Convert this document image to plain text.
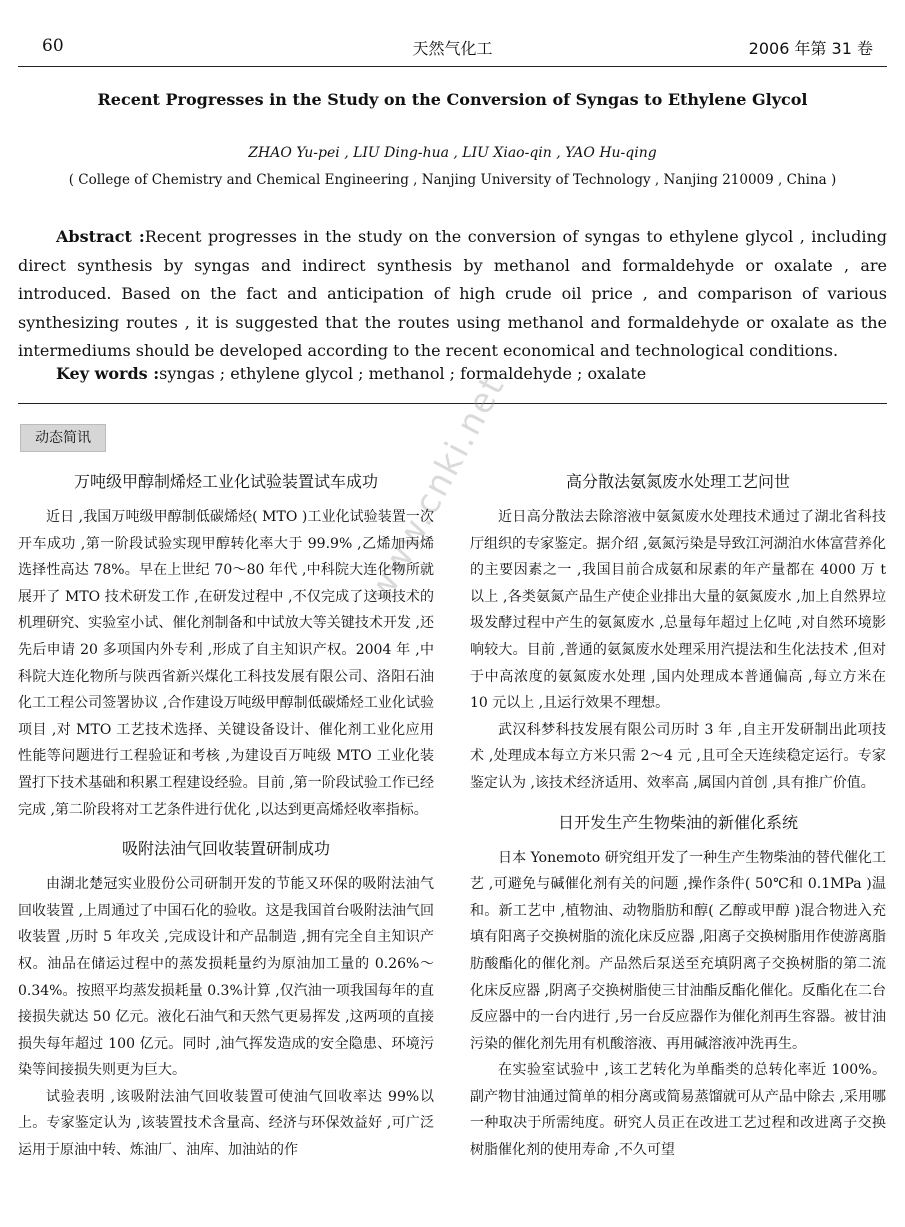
60	天然气化工	2006 年第 31 卷
Recent Progresses in the Study on the Conversion of Syngas to Ethylene Glycol
ZHAO Yu-pei , LIU Ding-hua , LIU Xiao-qin , YAO Hu-qing
( College of Chemistry and Chemical Engineering , Nanjing University of Technology , Nanjing 210009 , China )

Abstract :Recent progresses in the study on the conversion of syngas to ethylene glycol , including direct synthesis by syngas and indirect synthesis by methanol and formaldehyde or oxalate , are introduced. Based on the fact and anticipation of high crude oil price , and comparison of various synthesizing routes , it is suggested that the routes using methanol and formaldehyde or oxalate as the intermediums should be developed according to the recent economical and technological conditions.

Key words :syngas ; ethylene glycol ; methanol ; formaldehyde ; oxalate

动态简讯	www.cnki.net
万吨级甲醇制烯烃工业化试验装置试车成功

近日 ,我国万吨级甲醇制低碳烯烃( MTO )工业化试验装置一次开车成功 ,第一阶段试验实现甲醇转化率大于 99.9% ,乙烯加丙烯选择性高达 78%。早在上世纪 70～80 年代 ,中科院大连化物所就展开了 MTO 技术研发工作 ,在研发过程中 ,不仅完成了这项技术的机理研究、实验室小试、催化剂制备和中试放大等关键技术开发 ,还先后申请 20 多项国内外专利 ,形成了自主知识产权。2004 年 ,中科院大连化物所与陕西省新兴煤化工科技发展有限公司、洛阳石油化工工程公司签署协议 ,合作建设万吨级甲醇制低碳烯烃工业化试验项目 ,对 MTO 工艺技术选择、关键设备设计、催化剂工业化应用性能等问题进行工程验证和考核 ,为建设百万吨级 MTO 工业化装置打下技术基础和积累工程建设经验。目前 ,第一阶段试验工作已经完成 ,第二阶段将对工艺条件进行优化 ,以达到更高烯烃收率指标。

吸附法油气回收装置研制成功

由湖北楚冠实业股份公司研制开发的节能又环保的吸附法油气回收装置 ,上周通过了中国石化的验收。这是我国首台吸附法油气回收装置 ,历时 5 年攻关 ,完成设计和产品制造 ,拥有完全自主知识产权。油品在储运过程中的蒸发损耗量约为原油加工量的 0.26%～0.34%。按照平均蒸发损耗量 0.3%计算 ,仅汽油一项我国每年的直接损失就达 50 亿元。液化石油气和天然气更易挥发 ,这两项的直接损失每年超过 100 亿元。同时 ,油气挥发造成的安全隐患、环境污染等间接损失则更为巨大。

试验表明 ,该吸附法油气回收装置可使油气回收率达 99%以上。专家鉴定认为 ,该装置技术含量高、经济与环保效益好 ,可广泛运用于原油中转、炼油厂、油库、加油站的作

高分散法氨氮废水处理工艺问世

近日高分散法去除溶液中氨氮废水处理技术通过了湖北省科技厅组织的专家鉴定。据介绍 ,氨氮污染是导致江河湖泊水体富营养化的主要因素之一 ,我国目前合成氨和尿素的年产量都在 4000 万 t 以上 ,各类氨氮产品生产使企业排出大量的氨氮废水 ,加上自然界垃圾发酵过程中产生的氨氮废水 ,总量每年超过上亿吨 ,对自然环境影响较大。目前 ,普通的氨氮废水处理采用汽提法和生化法技术 ,但对于中高浓度的氨氮废水处理 ,国内处理成本普通偏高 ,每立方米在 10 元以上 ,且运行效果不理想。

武汉科梦科技发展有限公司历时 3 年 ,自主开发研制出此项技术 ,处理成本每立方米只需 2～4 元 ,且可全天连续稳定运行。专家鉴定认为 ,该技术经济适用、效率高 ,属国内首创 ,具有推广价值。

日开发生产生物柴油的新催化系统

日本 Yonemoto 研究组开发了一种生产生物柴油的替代催化工艺 ,可避免与碱催化剂有关的问题 ,操作条件( 50℃和 0.1MPa )温和。新工艺中 ,植物油、动物脂肪和醇( 乙醇或甲醇 )混合物进入充填有阳离子交换树脂的流化床反应器 ,阳离子交换树脂用作使游离脂肪酸酯化的催化剂。产品然后泵送至充填阴离子交换树脂的第二流化床反应器 ,阴离子交换树脂使三甘油酯反酯化催化。反酯化在二台反应器中的一台内进行 ,另一台反应器作为催化剂再生容器。被甘油污染的催化剂先用有机酸溶液、再用碱溶液冲洗再生。

在实验室试验中 ,该工艺转化为单酯类的总转化率近 100%。副产物甘油通过简单的相分离或简易蒸馏就可从产品中除去 ,采用哪一种取决于所需纯度。研究人员正在改进工艺过程和改进离子交换树脂催化剂的使用寿命 ,不久可望
